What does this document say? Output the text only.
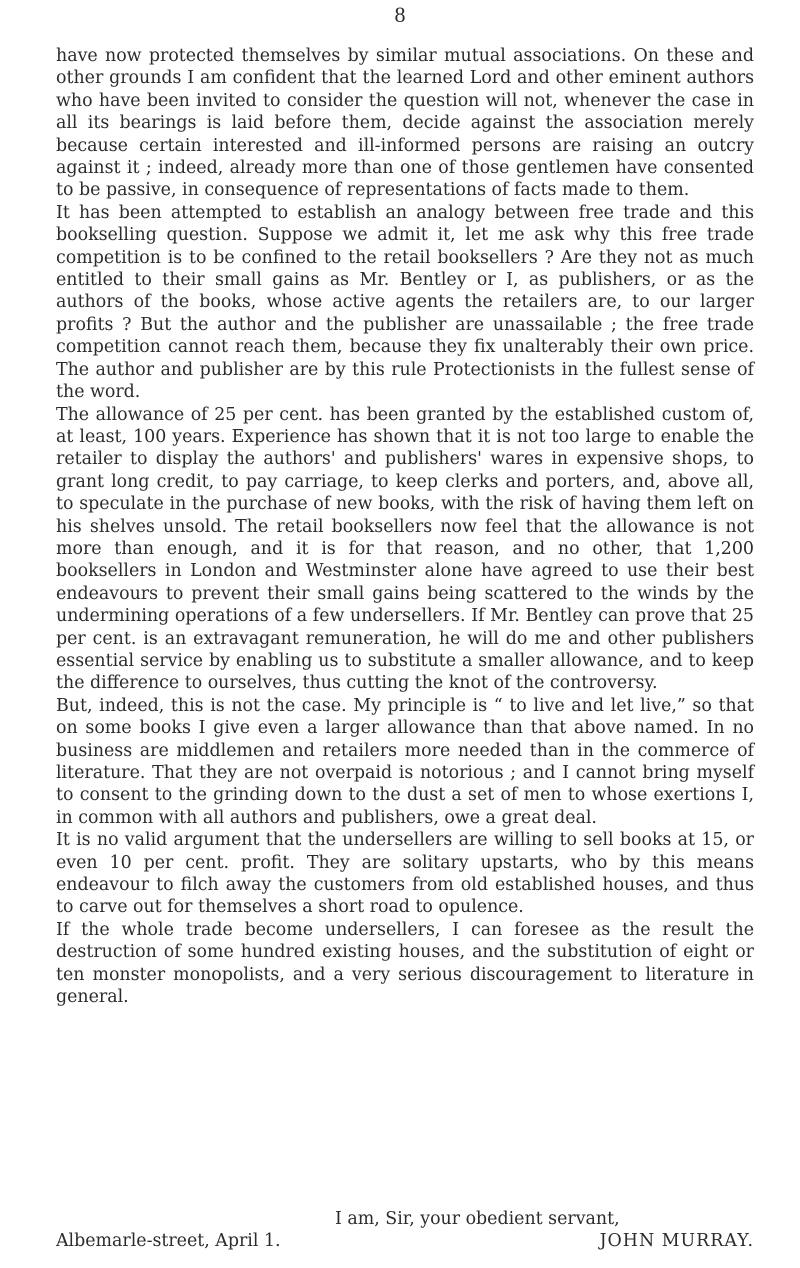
8

have now protected themselves by similar mutual associations. On these and other grounds I am confident that the learned Lord and other eminent authors who have been invited to consider the question will not, whenever the case in all its bearings is laid before them, decide against the association merely because certain interested and ill-informed persons are raising an outcry against it ; indeed, already more than one of those gentlemen have consented to be passive, in consequence of representations of facts made to them.

It has been attempted to establish an analogy between free trade and this bookselling question. Suppose we admit it, let me ask why this free trade competition is to be confined to the retail booksellers ? Are they not as much entitled to their small gains as Mr. Bentley or I, as publishers, or as the authors of the books, whose active agents the retailers are, to our larger profits ? But the author and the publisher are unassailable ; the free trade competition cannot reach them, because they fix unalterably their own price. The author and publisher are by this rule Protectionists in the fullest sense of the word.

The allowance of 25 per cent. has been granted by the established custom of, at least, 100 years. Experience has shown that it is not too large to enable the retailer to display the authors' and publishers' wares in expensive shops, to grant long credit, to pay carriage, to keep clerks and porters, and, above all, to speculate in the purchase of new books, with the risk of having them left on his shelves unsold. The retail booksellers now feel that the allowance is not more than enough, and it is for that reason, and no other, that 1,200 booksellers in London and Westminster alone have agreed to use their best endeavours to prevent their small gains being scattered to the winds by the undermining operations of a few undersellers. If Mr. Bentley can prove that 25 per cent. is an extravagant remuneration, he will do me and other publishers essential service by enabling us to substitute a smaller allowance, and to keep the difference to ourselves, thus cutting the knot of the controversy.

But, indeed, this is not the case. My principle is “ to live and let live,” so that on some books I give even a larger allowance than that above named. In no business are middlemen and retailers more needed than in the commerce of literature. That they are not overpaid is notorious ; and I cannot bring myself to consent to the grinding down to the dust a set of men to whose exertions I, in common with all authors and publishers, owe a great deal.

It is no valid argument that the undersellers are willing to sell books at 15, or even 10 per cent. profit. They are solitary upstarts, who by this means endeavour to filch away the customers from old established houses, and thus to carve out for themselves a short road to opulence.

If the whole trade become undersellers, I can foresee as the result the destruction of some hundred existing houses, and the substitution of eight or ten monster monopolists, and a very serious discouragement to literature in general.

I am, Sir, your obedient servant,
Albemarle-street, April 1.	JOHN MURRAY.
